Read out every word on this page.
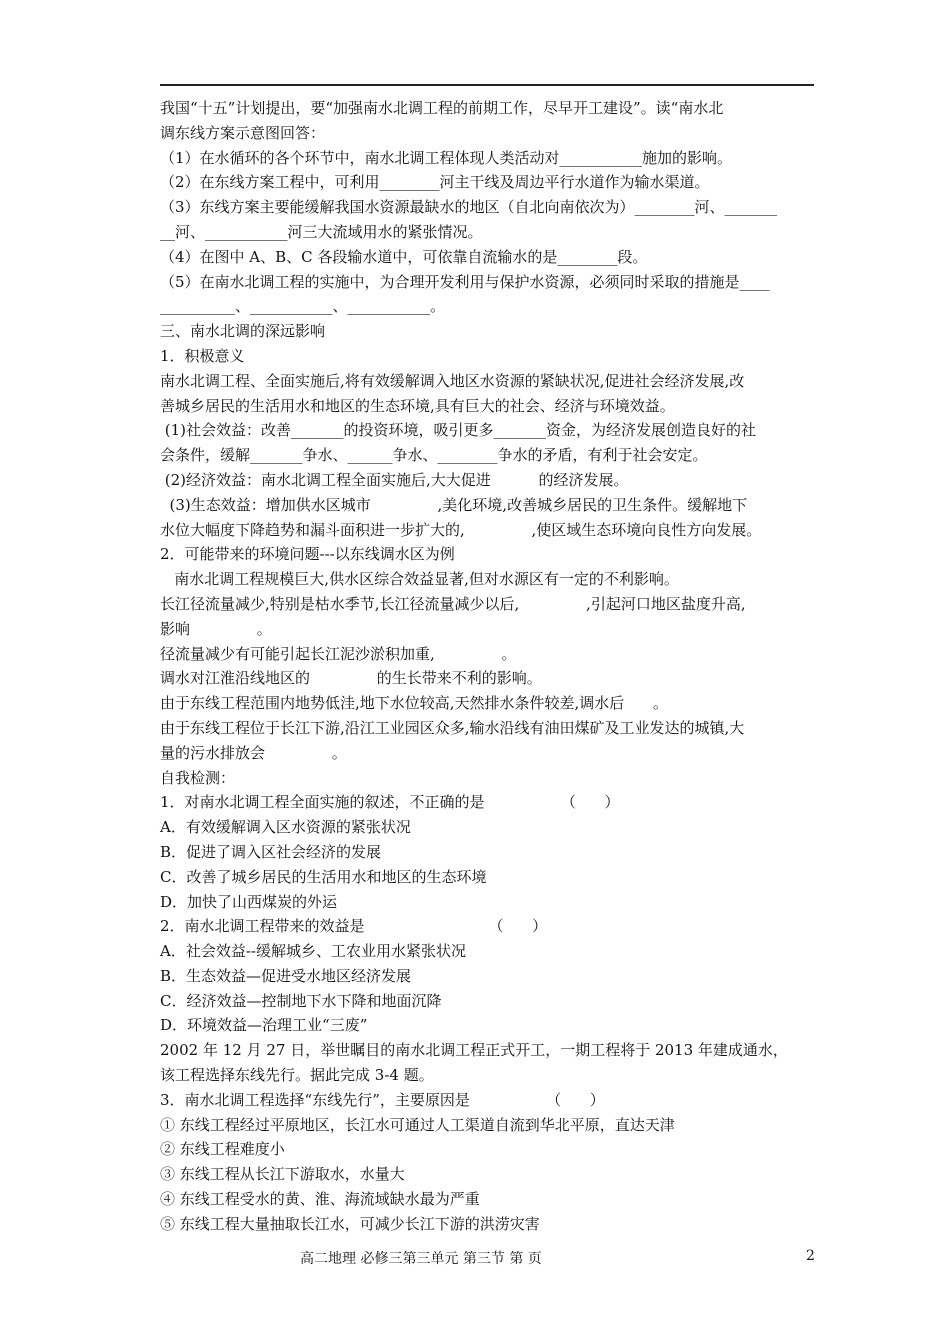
我国“十五”计划提出，要“加强南水北调工程的前期工作，尽早开工建设”。读“南水北
调东线方案示意图回答：
（1）在水循环的各个环节中，南水北调工程体现人类活动对___________施加的影响。
（2）在东线方案工程中，可利用________河主干线及周边平行水道作为输水渠道。
（3）东线方案主要能缓解我国水资源最缺水的地区（自北向南依次为）________河、_______
__河、___________河三大流域用水的紧张情况。
（4）在图中 A、B、C 各段输水道中，可依靠自流输水的是________段。
（5）在南水北调工程的实施中，为合理开发利用与保护水资源，必须同时采取的措施是____
__________、___________、___________。
三、南水北调的深远影响
1．积极意义
南水北调工程、全面实施后,将有效缓解调入地区水资源的紧缺状况,促进社会经济发展,改
善城乡居民的生活用水和地区的生态环境,具有巨大的社会、经济与环境效益。
(1)社会效益：改善_______的投资环境，吸引更多_______资金，为经济发展创造良好的社
会条件，缓解_______争水、______争水、________争水的矛盾，有利于社会安定。
(2)经济效益：南水北调工程全面实施后,大大促进          的经济发展。
(3)生态效益：增加供水区城市              ,美化环境,改善城乡居民的卫生条件。缓解地下
水位大幅度下降趋势和漏斗面积进一步扩大的,              ,使区域生态环境向良性方向发展。
2．可能带来的环境问题---以东线调水区为例
南水北调工程规模巨大,供水区综合效益显著,但对水源区有一定的不利影响。
长江径流量减少,特别是枯水季节,长江径流量减少以后,              ,引起河口地区盐度升高,
影响              。
径流量减少有可能引起长江泥沙淤积加重,              。
调水对江淮沿线地区的              的生长带来不利的影响。
由于东线工程范围内地势低洼,地下水位较高,天然排水条件较差,调水后      。
由于东线工程位于长江下游,沿江工业园区众多,输水沿线有油田煤矿及工业发达的城镇,大
量的污水排放会              。
自我检测：
1．对南水北调工程全面实施的叙述，不正确的是                （      ）
A．有效缓解调入区水资源的紧张状况
B．促进了调入区社会经济的发展
C．改善了城乡居民的生活用水和地区的生态环境
D．加快了山西煤炭的外运
2．南水北调工程带来的效益是                          （      ）
A．社会效益--缓解城乡、工农业用水紧张状况
B．生态效益—促进受水地区经济发展
C．经济效益—控制地下水下降和地面沉降
D．环境效益—治理工业“三废”
2002 年 12 月 27 日，举世瞩目的南水北调工程正式开工，一期工程将于 2013 年建成通水，
该工程选择东线先行。据此完成 3-4 题。
3．南水北调工程选择“东线先行”，主要原因是                （      ）
① 东线工程经过平原地区，长江水可通过人工渠道自流到华北平原，直达天津
② 东线工程难度小
③ 东线工程从长江下游取水，水量大
④ 东线工程受水的黄、淮、海流域缺水最为严重
⑤ 东线工程大量抽取长江水，可减少长江下游的洪涝灾害
高二地理 必修三第三单元 第三节 第 页	2
